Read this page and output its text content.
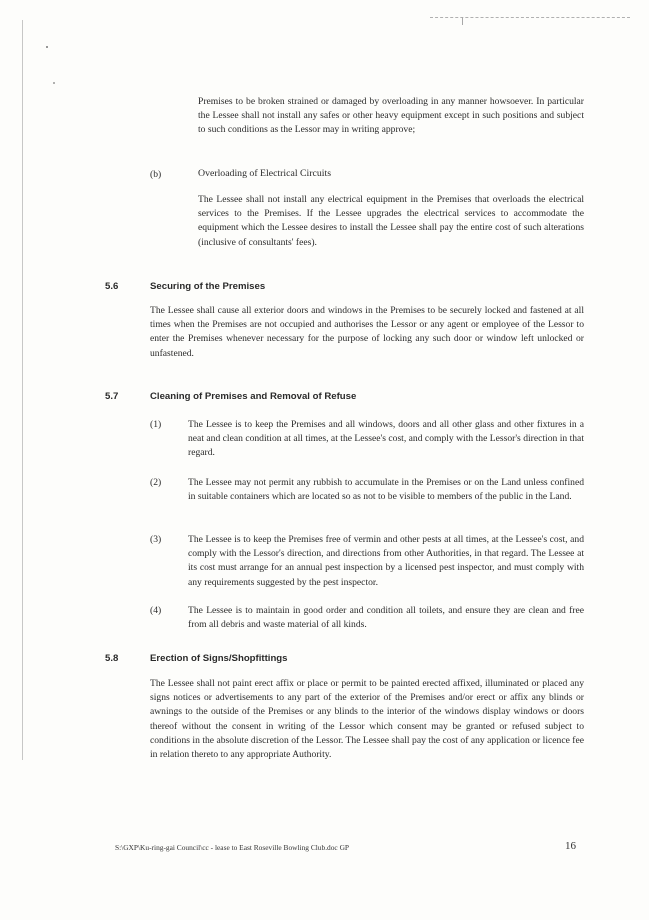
Premises to be broken strained or damaged by overloading in any manner howsoever. In particular the Lessee shall not install any safes or other heavy equipment except in such positions and subject to such conditions as the Lessor may in writing approve;

(b)	Overloading of Electrical Circuits

The Lessee shall not install any electrical equipment in the Premises that overloads the electrical services to the Premises. If the Lessee upgrades the electrical services to accommodate the equipment which the Lessee desires to install the Lessee shall pay the entire cost of such alterations (inclusive of consultants' fees).

5.6	Securing of the Premises

The Lessee shall cause all exterior doors and windows in the Premises to be securely locked and fastened at all times when the Premises are not occupied and authorises the Lessor or any agent or employee of the Lessor to enter the Premises whenever necessary for the purpose of locking any such door or window left unlocked or unfastened.

5.7	Cleaning of Premises and Removal of Refuse
(1)	The Lessee is to keep the Premises and all windows, doors and all other glass and other fixtures in a neat and clean condition at all times, at the Lessee's cost, and comply with the Lessor's direction in that regard.

(2)	The Lessee may not permit any rubbish to accumulate in the Premises or on the Land unless confined in suitable containers which are located so as not to be visible to members of the public in the Land.

(3)	The Lessee is to keep the Premises free of vermin and other pests at all times, at the Lessee's cost, and comply with the Lessor's direction, and directions from other Authorities, in that regard. The Lessee at its cost must arrange for an annual pest inspection by a licensed pest inspector, and must comply with any requirements suggested by the pest inspector.

(4)	The Lessee is to maintain in good order and condition all toilets, and ensure they are clean and free from all debris and waste material of all kinds.

5.8	Erection of Signs/Shopfittings

The Lessee shall not paint erect affix or place or permit to be painted erected affixed, illuminated or placed any signs notices or advertisements to any part of the exterior of the Premises and/or erect or affix any blinds or awnings to the outside of the Premises or any blinds to the interior of the windows display windows or doors thereof without the consent in writing of the Lessor which consent may be granted or refused subject to conditions in the absolute discretion of the Lessor. The Lessee shall pay the cost of any application or licence fee in relation thereto to any appropriate Authority.

S:\GXP\Ku-ring-gai Council\cc - lease to East Roseville Bowling Club.doc GP	16
